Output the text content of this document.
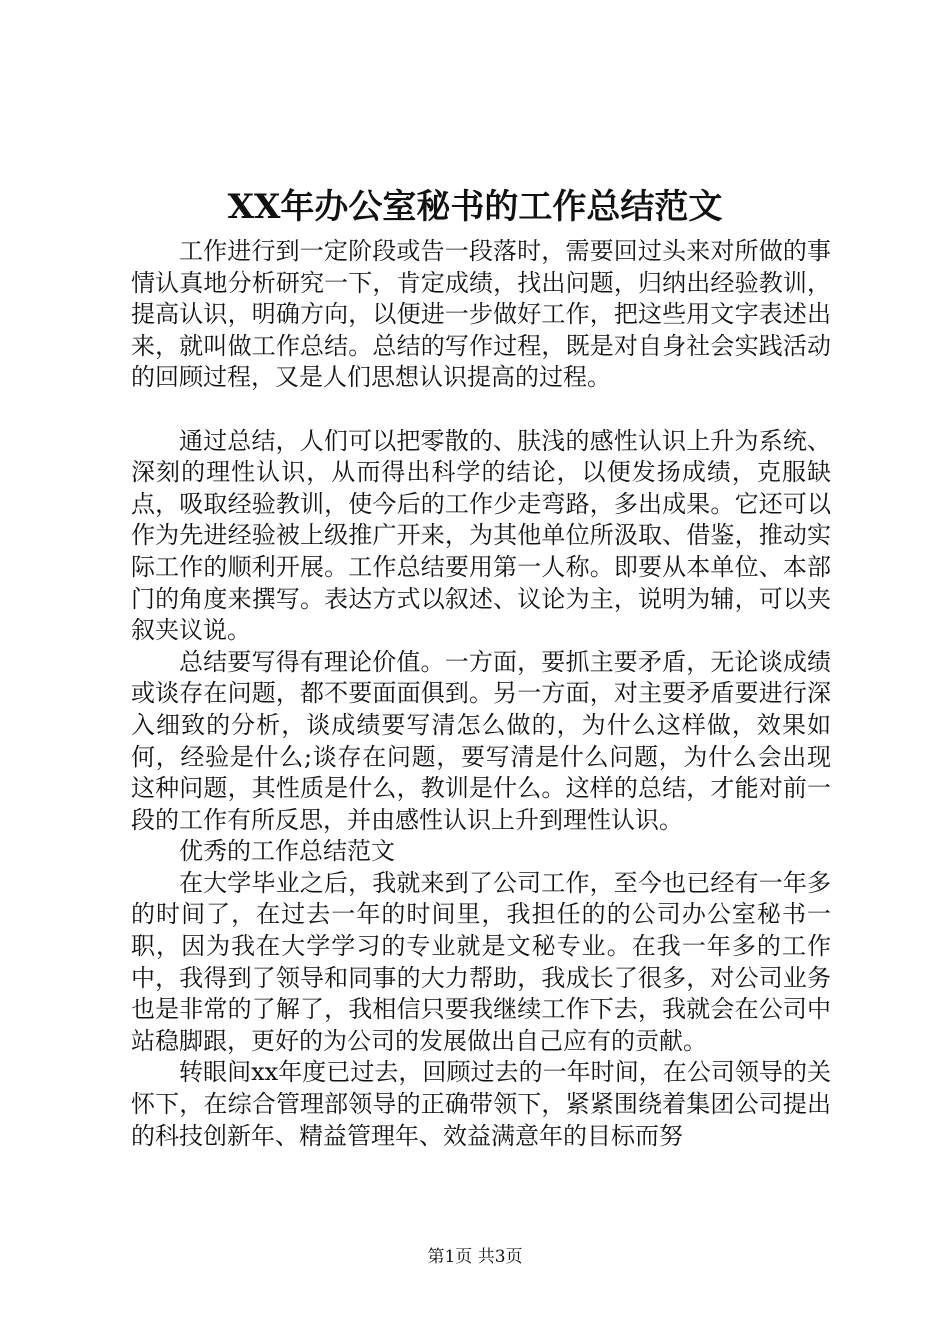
XX年办公室秘书的工作总结范文

工作进行到一定阶段或告一段落时，需要回过头来对所做的事情认真地分析研究一下，肯定成绩，找出问题，归纳出经验教训，提高认识，明确方向，以便进一步做好工作，把这些用文字表述出来，就叫做工作总结。总结的写作过程，既是对自身社会实践活动的回顾过程，又是人们思想认识提高的过程。

通过总结，人们可以把零散的、肤浅的感性认识上升为系统、深刻的理性认识，从而得出科学的结论，以便发扬成绩，克服缺点，吸取经验教训，使今后的工作少走弯路，多出成果。它还可以作为先进经验被上级推广开来，为其他单位所汲取、借鉴，推动实际工作的顺利开展。工作总结要用第一人称。即要从本单位、本部门的角度来撰写。表达方式以叙述、议论为主，说明为辅，可以夹叙夹议说。

总结要写得有理论价值。一方面，要抓主要矛盾，无论谈成绩或谈存在问题，都不要面面俱到。另一方面，对主要矛盾要进行深入细致的分析，谈成绩要写清怎么做的，为什么这样做，效果如何，经验是什么;谈存在问题，要写清是什么问题，为什么会出现这种问题，其性质是什么，教训是什么。这样的总结，才能对前一段的工作有所反思，并由感性认识上升到理性认识。

优秀的工作总结范文

在大学毕业之后，我就来到了公司工作，至今也已经有一年多的时间了，在过去一年的时间里，我担任的的公司办公室秘书一职，因为我在大学学习的专业就是文秘专业。在我一年多的工作中，我得到了领导和同事的大力帮助，我成长了很多，对公司业务也是非常的了解了，我相信只要我继续工作下去，我就会在公司中站稳脚跟，更好的为公司的发展做出自己应有的贡献。

转眼间xx年度已过去，回顾过去的一年时间，在公司领导的关怀下，在综合管理部领导的正确带领下，紧紧围绕着集团公司提出的科技创新年、精益管理年、效益满意年的目标而努

第1页 共3页
